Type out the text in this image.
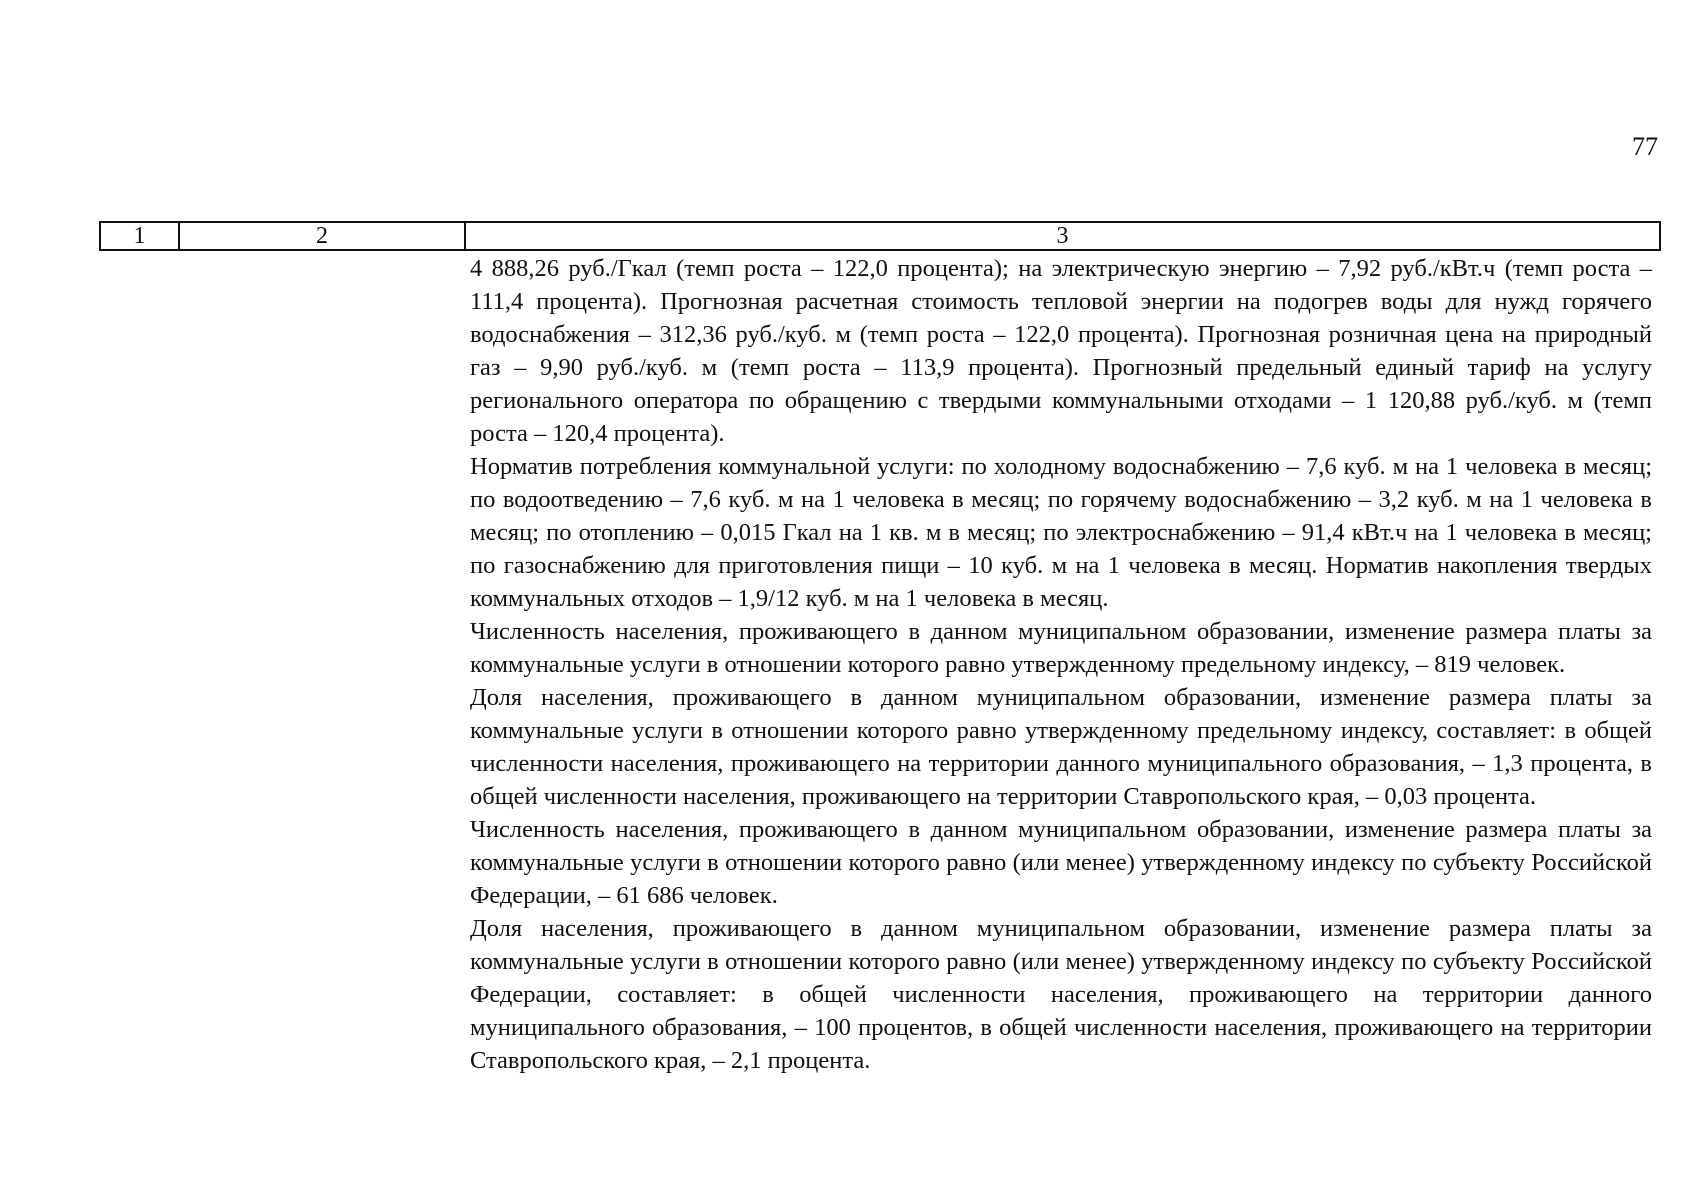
77
1	2	3

4 888,26 руб./Гкал (темп роста – 122,0 процента); на электрическую энергию – 7,92 руб./кВт.ч (темп роста – 111,4 процента). Прогнозная расчетная стоимость тепловой энергии на подогрев воды для нужд горячего водоснабжения – 312,36 руб./куб. м (темп роста – 122,0 процента). Прогнозная розничная цена на природный газ – 9,90 руб./куб. м (темп роста – 113,9 процента). Прогнозный предельный единый тариф на услугу регионального оператора по обращению с твердыми коммунальными отходами – 1 120,88 руб./куб. м (темп роста – 120,4 процента).

Норматив потребления коммунальной услуги: по холодному водоснабжению – 7,6 куб. м на 1 человека в месяц; по водоотведению – 7,6 куб. м на 1 человека в месяц; по горячему водоснабжению – 3,2 куб. м на 1 человека в месяц; по отоплению – 0,015 Гкал на 1 кв. м в месяц; по электроснабжению – 91,4 кВт.ч на 1 человека в месяц; по газоснабжению для приготовления пищи – 10 куб. м на 1 человека в месяц. Норматив накопления твердых коммунальных отходов – 1,9/12 куб. м на 1 человека в месяц.

Численность населения, проживающего в данном муниципальном образовании, изменение размера платы за коммунальные услуги в отношении которого равно утвержденному предельному индексу, – 819 человек.

Доля населения, проживающего в данном муниципальном образовании, изменение размера платы за коммунальные услуги в отношении которого равно утвержденному предельному индексу, составляет: в общей численности населения, проживающего на территории данного муниципального образования, – 1,3 процента, в общей численности населения, проживающего на территории Ставропольского края, – 0,03 процента.

Численность населения, проживающего в данном муниципальном образовании, изменение размера платы за коммунальные услуги в отношении которого равно (или менее) утвержденному индексу по субъекту Российской Федерации, – 61 686 человек.

Доля населения, проживающего в данном муниципальном образовании, изменение размера платы за коммунальные услуги в отношении которого равно (или менее) утвержденному индексу по субъекту Российской Федерации, составляет: в общей численности населения, проживающего на территории данного муниципального образования, – 100 процентов, в общей численности населения, проживающего на территории Ставропольского края, – 2,1 процента.
